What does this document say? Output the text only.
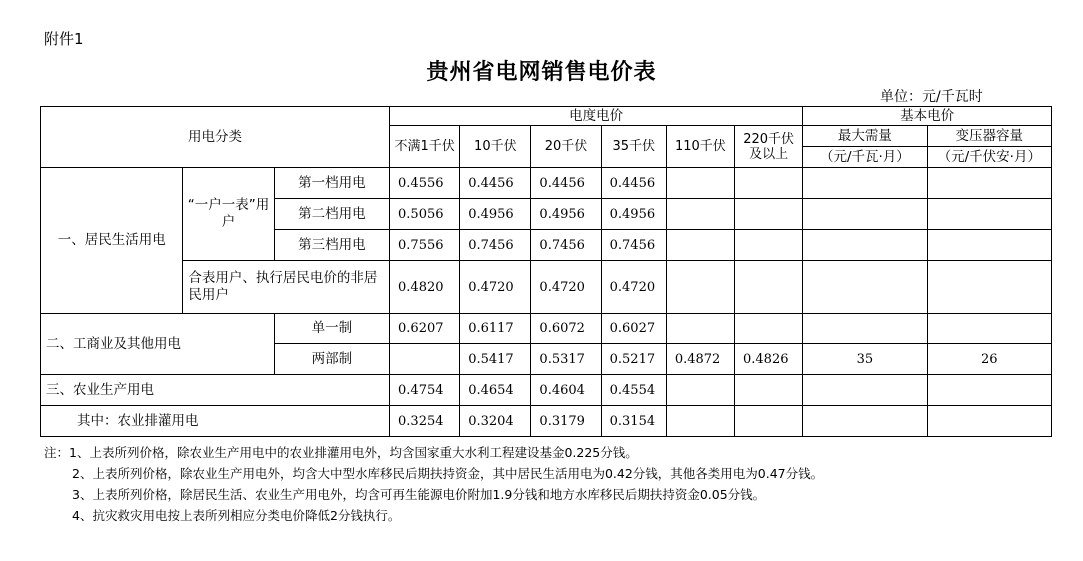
附件1
贵州省电网销售电价表
单位：元/千瓦时
用电分类			电度电价						基本电价	
			不满1千伏	10千伏	20千伏	35千伏	110千伏	220千伏及以上	最大需量	变压器容量
									（元/千瓦·月）	（元/千伏安·月）
一、居民生活用电	“一户一表”用户	第一档用电	0.4556	0.4456	0.4456	0.4456				
		第二档用电	0.5056	0.4956	0.4956	0.4956				
		第三档用电	0.7556	0.7456	0.7456	0.7456				
	合表用户、执行居民电价的非居民用户		0.4820	0.4720	0.4720	0.4720				
二、工商业及其他用电		单一制	0.6207	0.6117	0.6072	0.6027				
		两部制		0.5417	0.5317	0.5217	0.4872	0.4826	35	26
三、农业生产用电			0.4754	0.4654	0.4604	0.4554				
其中：农业排灌用电			0.3254	0.3204	0.3179	0.3154				
注：1、上表所列价格，除农业生产用电中的农业排灌用电外，均含国家重大水利工程建设基金0.225分钱。
2、上表所列价格，除农业生产用电外，均含大中型水库移民后期扶持资金，其中居民生活用电为0.42分钱，其他各类用电为0.47分钱。
3、上表所列价格，除居民生活、农业生产用电外，均含可再生能源电价附加1.9分钱和地方水库移民后期扶持资金0.05分钱。
4、抗灾救灾用电按上表所列相应分类电价降低2分钱执行。
